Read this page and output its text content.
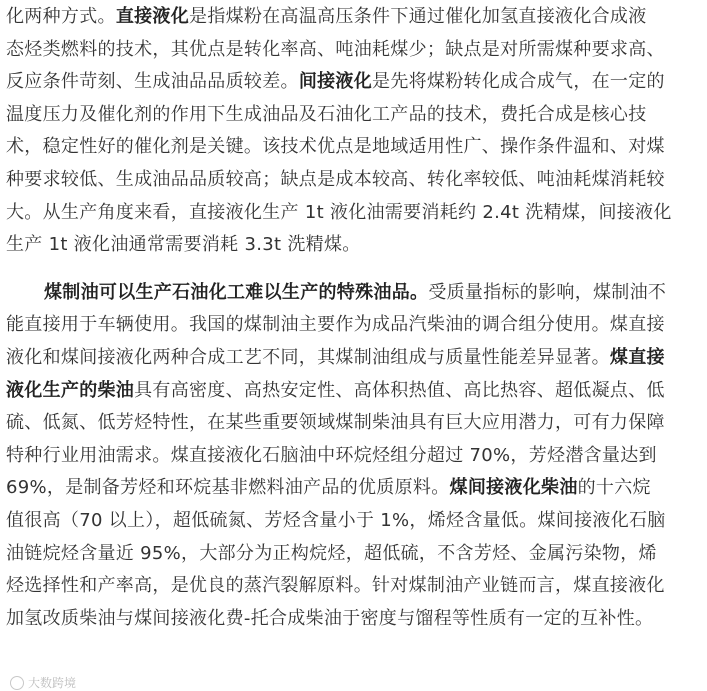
化两种方式。直接液化是指煤粉在高温高压条件下通过催化加氢直接液化合成液
态烃类燃料的技术，其优点是转化率高、吨油耗煤少；缺点是对所需煤种要求高、
反应条件苛刻、生成油品品质较差。间接液化是先将煤粉转化成合成气，在一定的
温度压力及催化剂的作用下生成油品及石油化工产品的技术，费托合成是核心技
术，稳定性好的催化剂是关键。该技术优点是地域适用性广、操作条件温和、对煤
种要求较低、生成油品品质较高；缺点是成本较高、转化率较低、吨油耗煤消耗较
大。从生产角度来看，直接液化生产 1t 液化油需要消耗约 2.4t 洗精煤，间接液化
生产 1t 液化油通常需要消耗 3.3t 洗精煤。
煤制油可以生产石油化工难以生产的特殊油品。受质量指标的影响，煤制油不
能直接用于车辆使用。我国的煤制油主要作为成品汽柴油的调合组分使用。煤直接
液化和煤间接液化两种合成工艺不同，其煤制油组成与质量性能差异显著。煤直接
液化生产的柴油具有高密度、高热安定性、高体积热值、高比热容、超低凝点、低
硫、低氮、低芳烃特性，在某些重要领域煤制柴油具有巨大应用潜力，可有力保障
特种行业用油需求。煤直接液化石脑油中环烷烃组分超过 70%，芳烃潜含量达到
69%，是制备芳烃和环烷基非燃料油产品的优质原料。煤间接液化柴油的十六烷
值很高（70 以上），超低硫氮、芳烃含量小于 1%，烯烃含量低。煤间接液化石脑
油链烷烃含量近 95%，大部分为正构烷烃，超低硫，不含芳烃、金属污染物，烯
烃选择性和产率高，是优良的蒸汽裂解原料。针对煤制油产业链而言，煤直接液化
加氢改质柴油与煤间接液化费-托合成柴油于密度与馏程等性质有一定的互补性。
大数跨境
